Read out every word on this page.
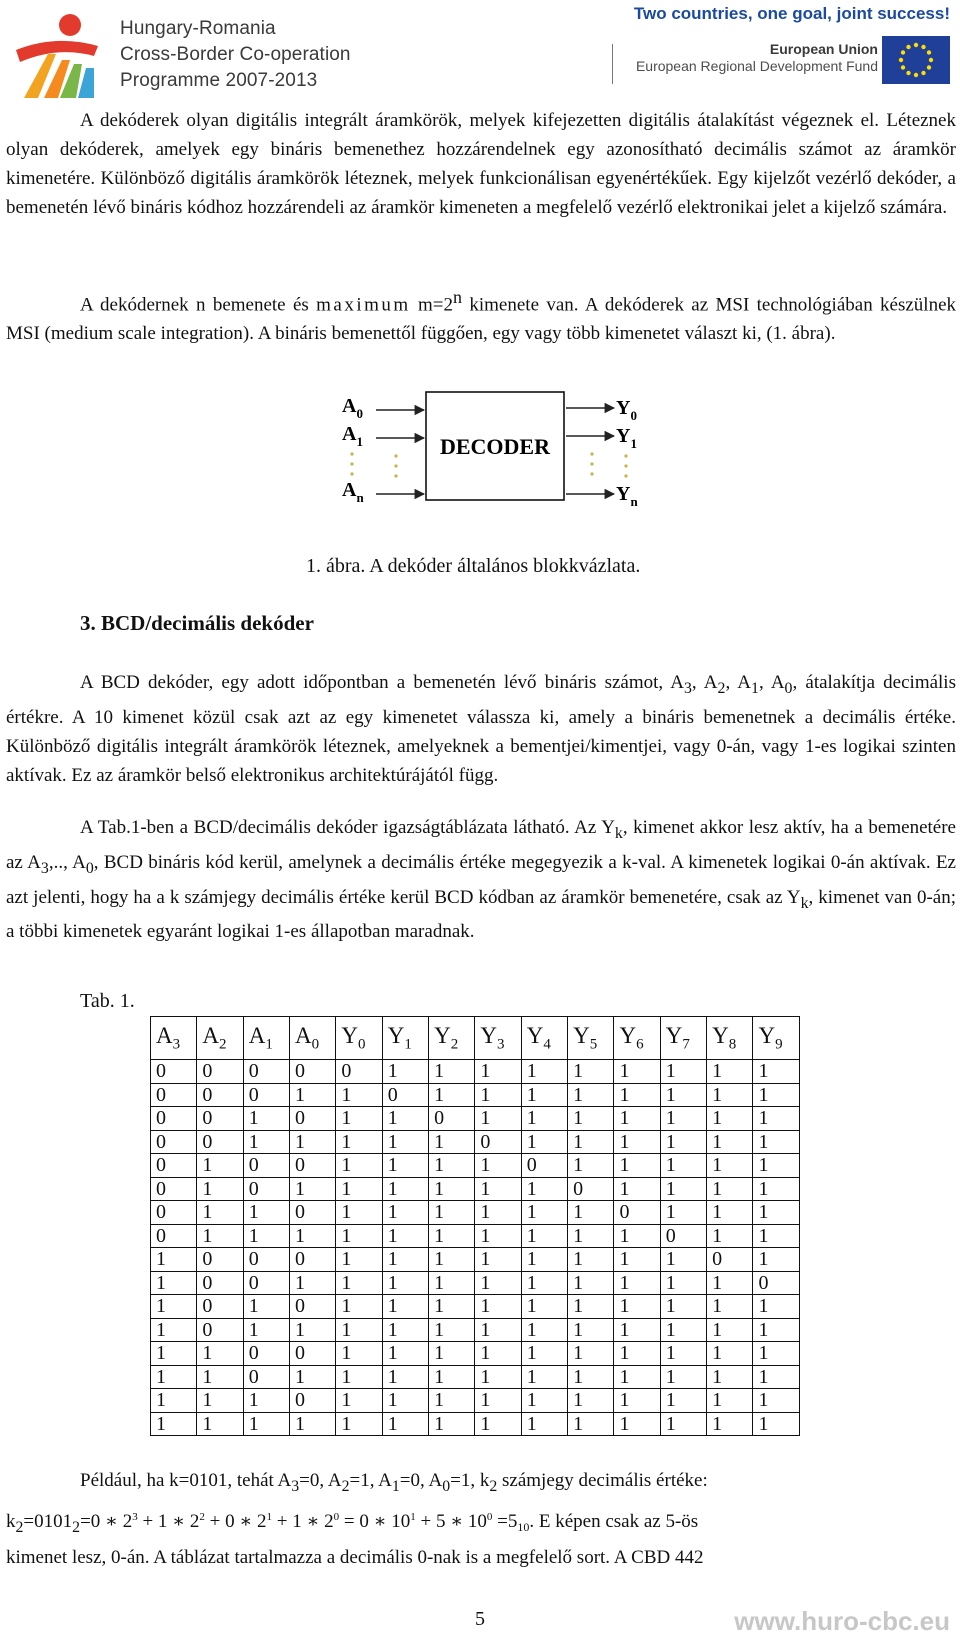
Hungary-Romania
Cross-Border Co-operation
Programme 2007-2013
Two countries, one goal, joint success!
European Union
European Regional Development Fund

A dekóderek olyan digitális integrált áramkörök, melyek kifejezetten digitális átalakítást végeznek el. Léteznek olyan dekóderek, amelyek egy bináris bemenethez hozzárendelnek egy azonosítható decimális számot az áramkör kimenetére. Különböző digitális áramkörök léteznek, melyek funkcionálisan egyenértékűek. Egy kijelzőt vezérlő dekóder, a bemenetén lévő bináris kódhoz hozzárendeli az áramkör kimeneten a megfelelő vezérlő elektronikai jelet a kijelző számára.

A dekódernek n bemenete és maximum $m=2^n$ kimenete van. A dekóderek az MSI technológiában készülnek MSI (medium scale integration). A bináris bemenettől függően, egy vagy több kimenetet választ ki, (1. ábra).

DECODER
$A_0$
$A_1$
$A_n$
$Y_0$
$Y_1$
$Y_n$
1. ábra. A dekóder általános blokkvázlata.
3. BCD/decimális dekóder

A BCD dekóder, egy adott időpontban a bemenetén lévő bináris számot, $A_3$, $A_2$, $A_1$, $A_0$, átalakítja decimális értékre. A 10 kimenet közül csak azt az egy kimenetet válassza ki, amely a bináris bemenetnek a decimális értéke. Különböző digitális integrált áramkörök léteznek, amelyeknek a bementjei/kimentjei, vagy 0-án, vagy 1-es logikai szinten aktívak. Ez az áramkör belső elektronikus architektúrájától függ.

A Tab.1-ben a BCD/decimális dekóder igazságtáblázata látható. Az $Y_k$, kimenet akkor lesz aktív, ha a bemenetére az $A_3$,.., $A_0$, BCD bináris kód kerül, amelynek a decimális értéke megegyezik a k-val. A kimenetek logikai 0-án aktívak. Ez azt jelenti, hogy ha a k számjegy decimális értéke kerül BCD kódban az áramkör bemenetére, csak az $Y_k$, kimenet van 0-án; a többi kimenetek egyaránt logikai 1-es állapotban maradnak.

Tab. 1.
$A_3$	$A_2$	$A_1$	$A_0$	$Y_0$	$Y_1$	$Y_2$	$Y_3$	$Y_4$	$Y_5$	$Y_6$	$Y_7$	$Y_8$	$Y_9$
0	0	0	0	0	1	1	1	1	1	1	1	1	1
0	0	0	1	1	0	1	1	1	1	1	1	1	1
0	0	1	0	1	1	0	1	1	1	1	1	1	1
0	0	1	1	1	1	1	0	1	1	1	1	1	1
0	1	0	0	1	1	1	1	0	1	1	1	1	1
0	1	0	1	1	1	1	1	1	0	1	1	1	1
0	1	1	0	1	1	1	1	1	1	0	1	1	1
0	1	1	1	1	1	1	1	1	1	1	0	1	1
1	0	0	0	1	1	1	1	1	1	1	1	0	1
1	0	0	1	1	1	1	1	1	1	1	1	1	0
1	0	1	0	1	1	1	1	1	1	1	1	1	1
1	0	1	1	1	1	1	1	1	1	1	1	1	1
1	1	0	0	1	1	1	1	1	1	1	1	1	1
1	1	0	1	1	1	1	1	1	1	1	1	1	1
1	1	1	0	1	1	1	1	1	1	1	1	1	1
1	1	1	1	1	1	1	1	1	1	1	1	1	1
Például, ha k=0101, tehát $A_3=0$, $A_2=1$, $A_1=0$, $A_0=1$, $k_2$ számjegy decimális értéke:
$k_2=0101_2=0$ ∗ $2^3 + 1$ ∗ $2^2 + 0$ ∗ $2^1 + 1$ ∗ $2^0 = 0$ ∗ $10^1 + 5$ ∗ $10^0 =5_{10}$. E képen csak az 5-ös
kimenet lesz, 0-án. A táblázat tartalmazza a decimális 0-nak is a megfelelő sort. A CBD 442
5	www.huro-cbc.eu
